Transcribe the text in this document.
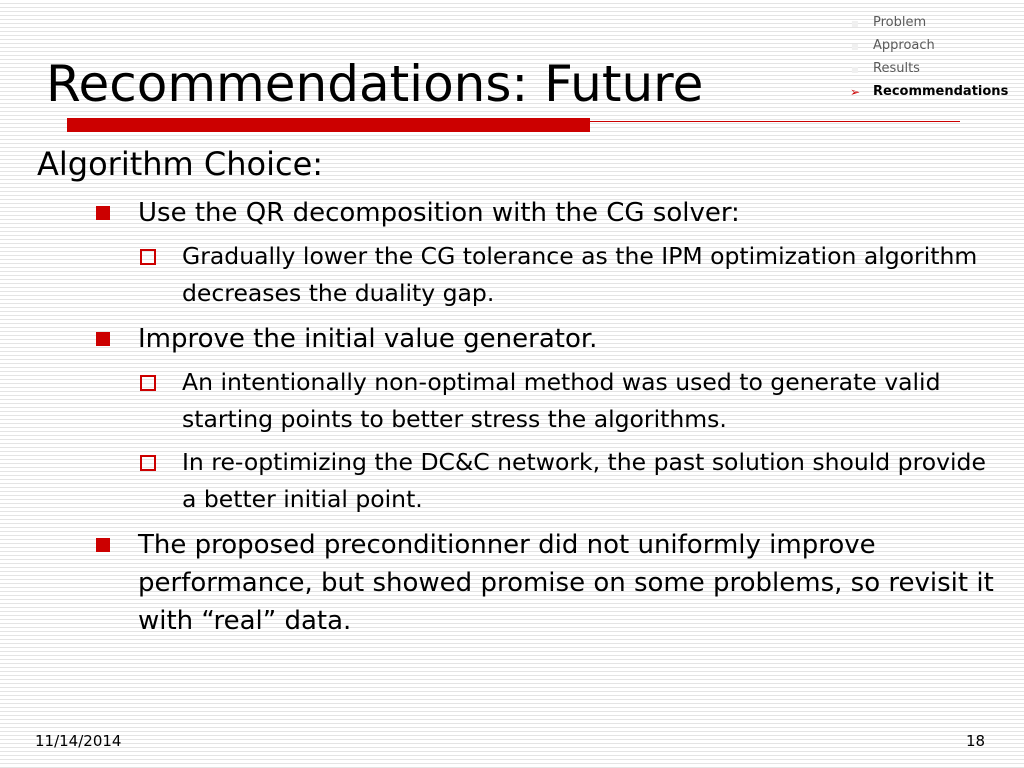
Recommendations: Future
▪ Problem
▪ Approach
▪ Results
➢ Recommendations
Algorithm Choice:
Use the QR decomposition with the CG solver:
Gradually lower the CG tolerance as the IPM optimization algorithm decreases the duality gap.
Improve the initial value generator.
An intentionally non-optimal method was used to generate valid starting points to better stress the algorithms.
In re-optimizing the DC&C network, the past solution should provide a better initial point.
The proposed preconditionner did not uniformly improve performance, but showed promise on some problems, so revisit it with “real” data.
11/14/2014	18
